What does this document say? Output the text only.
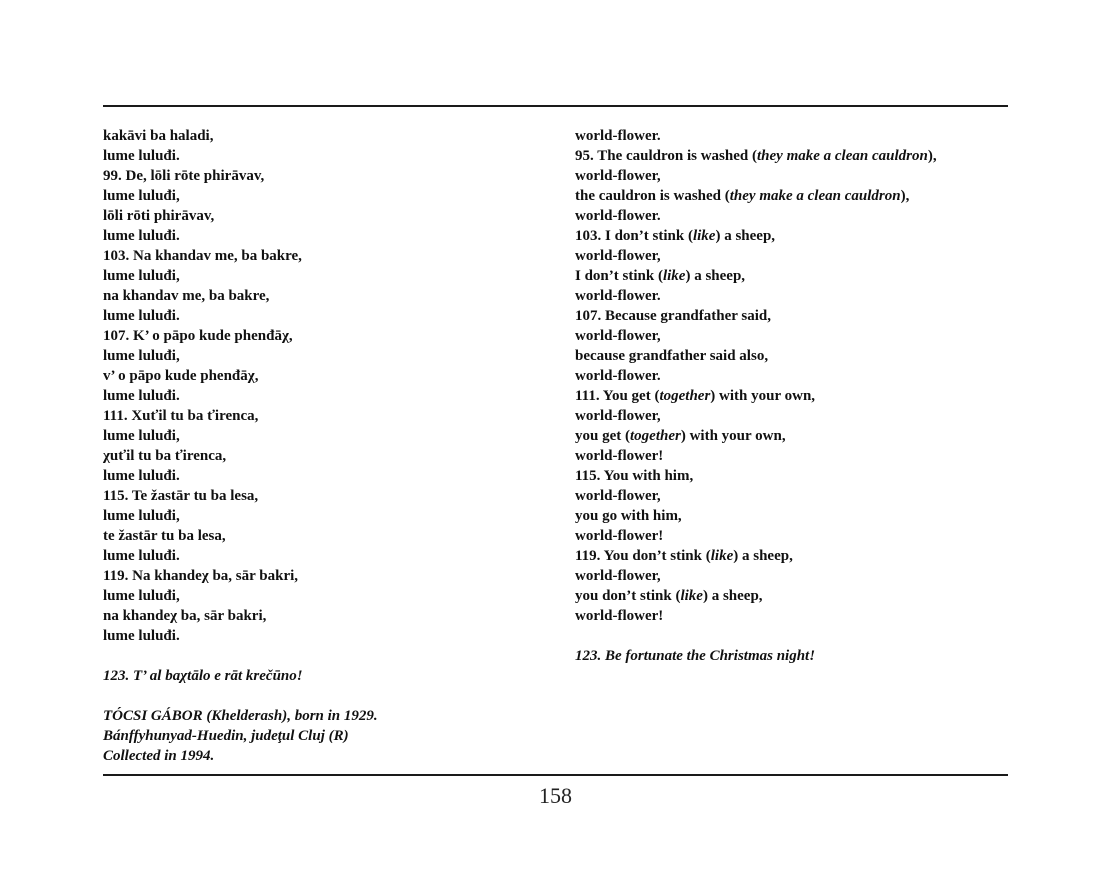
kakāvi ba haladi,
lume luluđi.
99. De, lōli rōte phirāvav,
lume luluđi,
lōli rōti phirāvav,
lume luluđi.
103. Na khandav me, ba bakre,
lume luluđi,
na khandav me, ba bakre,
lume luluđi.
107. K’ o pāpo kude phenđāχ,
lume luluđi,
v’ o pāpo kude phenđāχ,
lume luluđi.
111. Xuťil tu ba ťirenca,
lume luluđi,
χuťil tu ba ťirenca,
lume luluđi.
115. Te žastār tu ba lesa,
lume luluđi,
te žastār tu ba lesa,
lume luluđi.
119. Na khandeχ ba, sār bakri,
lume luluđi,
na khandeχ ba, sār bakri,
lume luluđi.
123. T’ al baχtālo e rāt krečūno!
TÓCSI GÁBOR (Khelderash), born in 1929.
Bánffyhunyad-Huedin, judeţul Cluj (R)
Collected in 1994.
world-flower.
95. The cauldron is washed (they make a clean cauldron),
world-flower,
the cauldron is washed (they make a clean cauldron),
world-flower.
103. I don’t stink (like) a sheep,
world-flower,
I don’t stink (like) a sheep,
world-flower.
107. Because grandfather said,
world-flower,
because grandfather said also,
world-flower.
111. You get (together) with your own,
world-flower,
you get (together) with your own,
world-flower!
115. You with him,
world-flower,
you go with him,
world-flower!
119. You don’t stink (like) a sheep,
world-flower,
you don’t stink (like) a sheep,
world-flower!
123. Be fortunate the Christmas night!
158
